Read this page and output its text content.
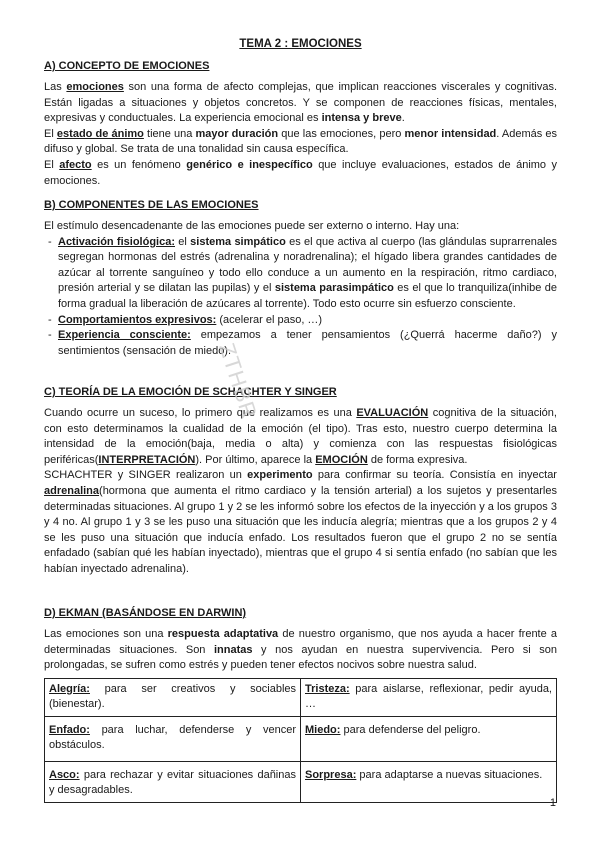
TEMA 2 : EMOCIONES
A) CONCEPTO DE EMOCIONES

Las emociones son una forma de afecto complejas, que implican reacciones viscerales y cognitivas. Están ligadas a situaciones y objetos concretos. Y se componen de reacciones físicas, mentales, expresivas y conductuales. La experiencia emocional es intensa y breve.

El estado de ánimo tiene una mayor duración que las emociones, pero menor intensidad. Además es difuso y global. Se trata de una tonalidad sin causa específica.

El afecto es un fenómeno genérico e inespecífico que incluye evaluaciones, estados de ánimo y emociones.

B) COMPONENTES DE LAS EMOCIONES

El estímulo desencadenante de las emociones puede ser externo o interno. Hay una:

- Activación fisiológica: el sistema simpático es el que activa al cuerpo (las glándulas suprarrenales segregan hormonas del estrés (adrenalina y noradrenalina); el hígado libera grandes cantidades de azúcar al torrente sanguíneo y todo ello conduce a un aumento en la respiración, ritmo cardiaco, presión arterial y se dilatan las pupilas) y el sistema parasimpático es el que lo tranquiliza(inhibe de forma gradual la liberación de azúcares al torrente). Todo esto ocurre sin esfuerzo consciente.
- Comportamientos expresivos: (acelerar el paso, …)
- Experiencia consciente: empezamos a tener pensamientos (¿Querrá hacerme daño?) y sentimientos (sensación de miedo).
C) TEORÍA DE LA EMOCIÓN DE SCHACHTER Y SINGER

Cuando ocurre un suceso, lo primero que realizamos es una EVALUACIÓN cognitiva de la situación, con esto determinamos la cualidad de la emoción (el tipo). Tras esto, nuestro cuerpo determina la intensidad de la emoción(baja, media o alta) y comienza con las respuestas fisiológicas periféricas(INTERPRETACIÓN). Por último, aparece la EMOCIÓN de forma expresiva.

SCHACHTER y SINGER realizaron un experimento para confirmar su teoría. Consistía en inyectar adrenalina(hormona que aumenta el ritmo cardiaco y la tensión arterial) a los sujetos y presentarles determinadas situaciones. Al grupo 1 y 2 se les informó sobre los efectos de la inyección y a los grupos 3 y 4 no. Al grupo 1 y 3 se les puso una situación que les inducía alegría; mientras que a los grupos 2 y 4 se les puso una situación que inducía enfado. Los resultados fueron que el grupo 2 no se sentía enfadado (sabían qué les habían inyectado), mientras que el grupo 4 si sentía enfado (no sabían que les habían inyectado adrenalina).

D) EKMAN (BASÁNDOSE EN DARWIN)

Las emociones son una respuesta adaptativa de nuestro organismo, que nos ayuda a hacer frente a determinadas situaciones. Son innatas y nos ayudan en nuestra supervivencia. Pero si son prolongadas, se sufren como estrés y pueden tener efectos nocivos sobre nuestra salud.

Alegría: para ser creativos y sociables (bienestar).	Tristeza: para aislarse, reflexionar, pedir ayuda, …
Enfado: para luchar, defenderse y vencer obstáculos.	Miedo: para defenderse del peligro.
Asco: para rechazar y evitar situaciones dañinas y desagradables.	Sorpresa: para adaptarse a nuevas situaciones.
ZTHBR
1
